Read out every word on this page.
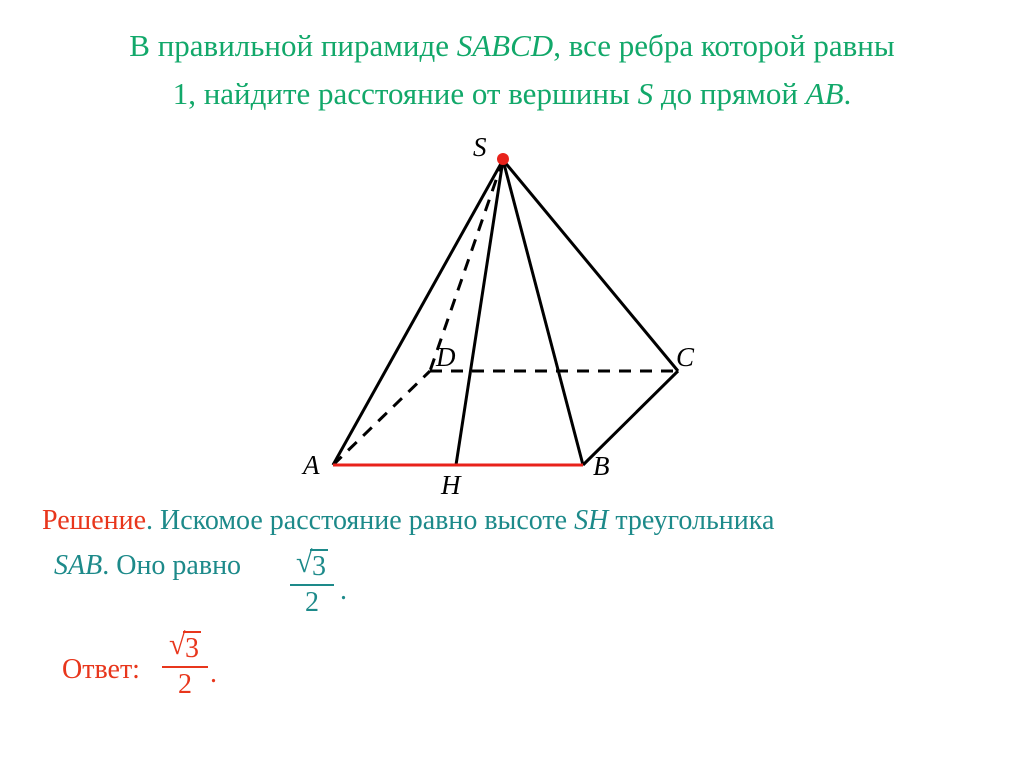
В правильной пирамиде SABCD, все ребра которой равны
1, найдите расстояние от вершины S до прямой AB.
S
D	C
A	B
H
Решение. Искомое расстояние равно высоте SH треугольника
SAB. Оно равно √ 3
2 .
Ответ:
√ 3
2 .
